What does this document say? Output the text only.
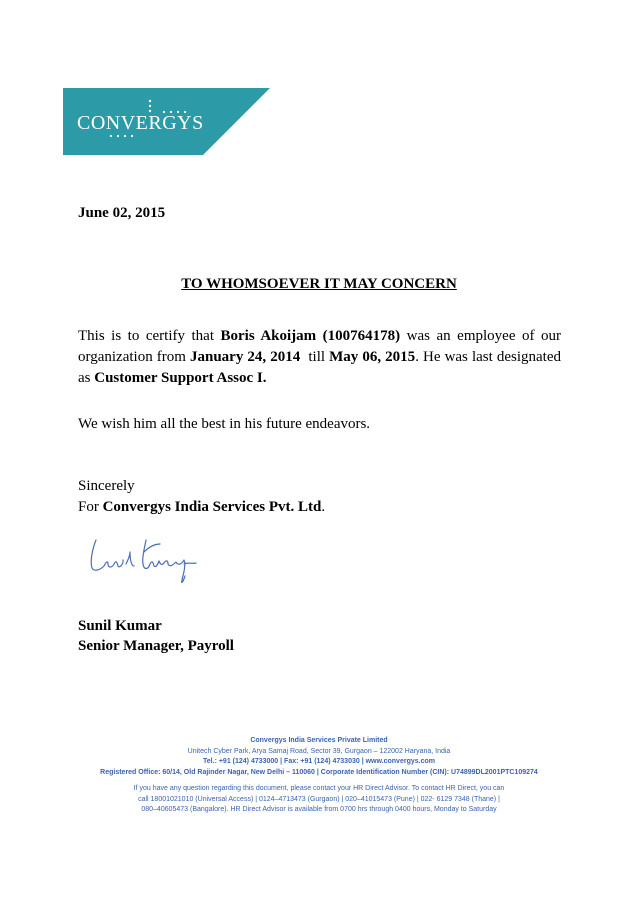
CONVERGYS
June 02, 2015
TO WHOMSOEVER IT MAY CONCERN
This is to certify that Boris Akoijam (100764178) was an employee of our organization from January 24, 2014  till May 06, 2015. He was last designated as Customer Support Assoc I.
We wish him all the best in his future endeavors.
Sincerely
For Convergys India Services Pvt. Ltd.
Sunil Kumar
Senior Manager, Payroll
Convergys India Services Private Limited
Unitech Cyber Park, Arya Samaj Road, Sector 39, Gurgaon – 122002 Haryana, India
Tel.: +91 (124) 4733000 | Fax: +91 (124) 4733030 | www.convergys.com
Registered Office: 60/14, Old Rajinder Nagar, New Delhi – 110060 | Corporate Identification Number (CIN): U74899DL2001PTC109274
If you have any question regarding this document, please contact your HR Direct Advisor. To contact HR Direct, you can
call 18001021010 (Universal Access) | 0124–4713473 (Gurgaon) | 020–41015473 (Pune) | 022- 6129 7348 (Thane) |
080–40605473 (Bangalore). HR Direct Advisor is available from 0700 hrs through 0400 hours, Monday to Saturday
